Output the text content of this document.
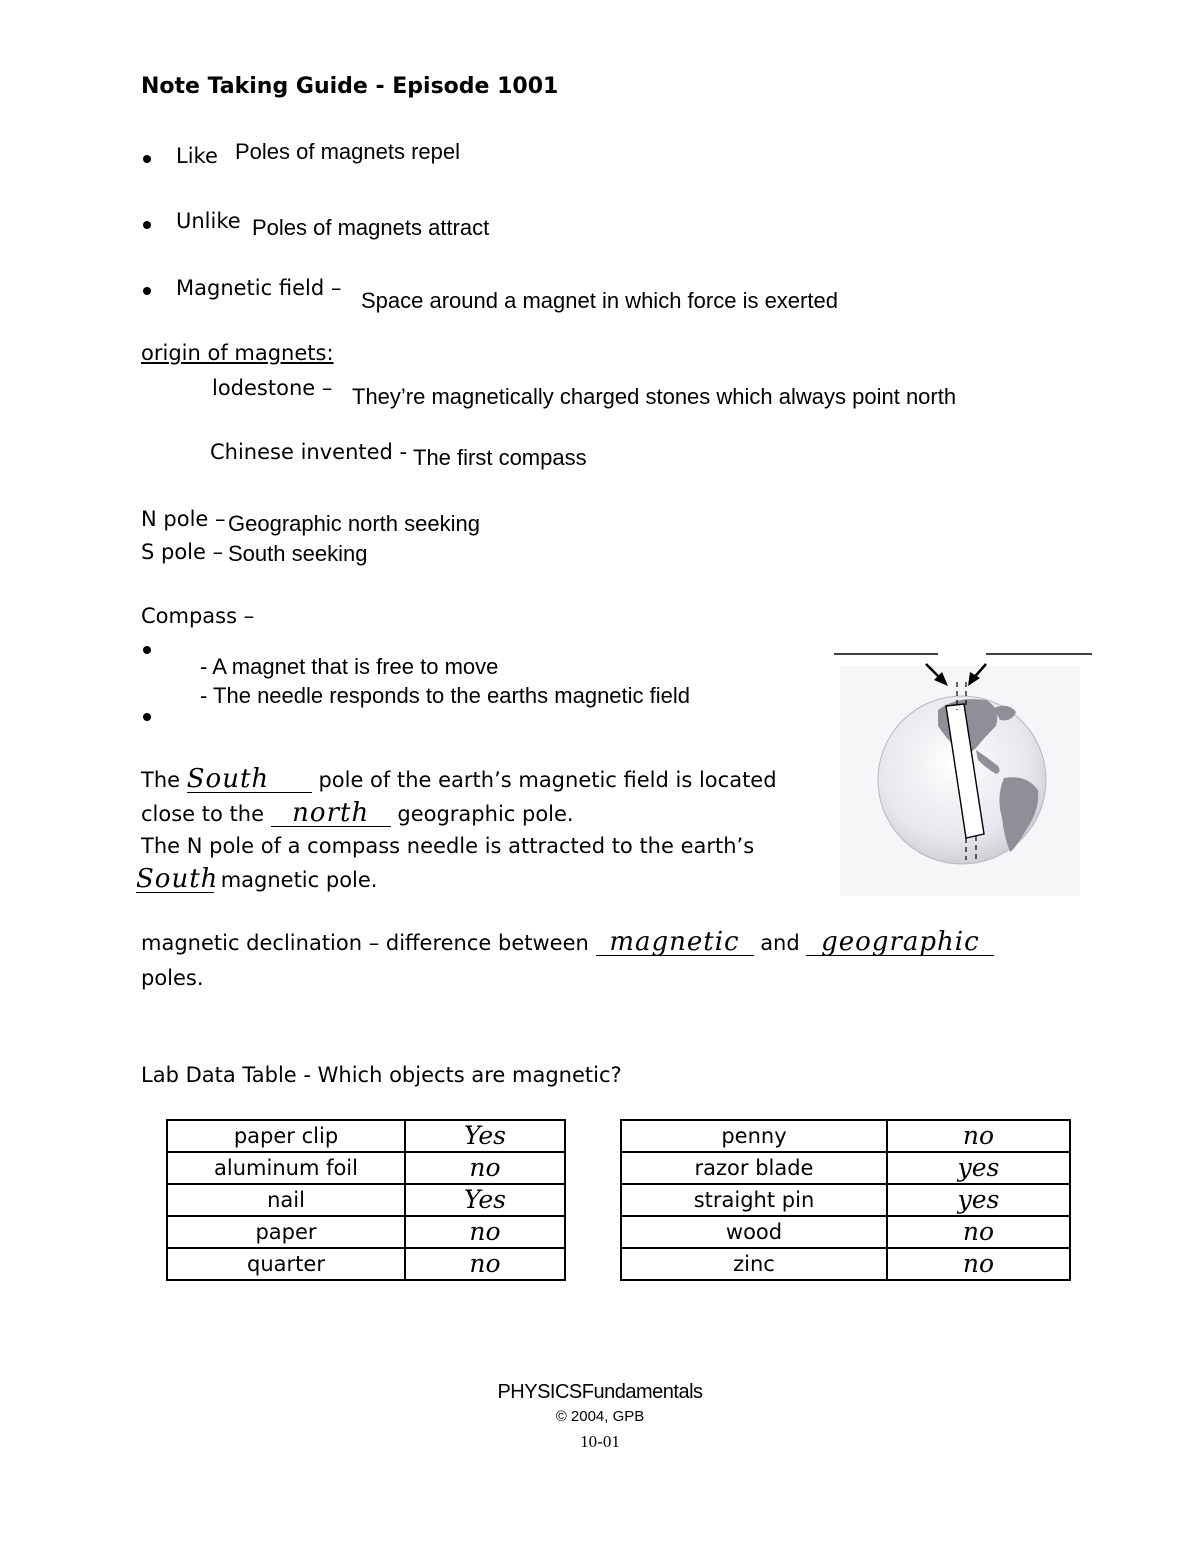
Note Taking Guide - Episode 1001
Like Poles of magnets repel
Unlike Poles of magnets attract
Magnetic field – Space around a magnet in which force is exerted
origin of magnets:
lodestone – They’re magnetically charged stones which always point north
Chinese invented - The first compass
N pole – Geographic north seeking
S pole – South seeking
Compass –
- A magnet that is free to move
- The needle responds to the earths magnetic field
The South pole of the earth’s magnetic field is located
close to the north geographic pole.
The N pole of a compass needle is attracted to the earth’s
South magnetic pole.
magnetic declination – difference between magnetic and geographic
poles.
Lab Data Table - Which objects are magnetic?
paper clip	Yes
aluminum foil	no
nail	Yes
paper	no
quarter	no
penny	no
razor blade	yes
straight pin	yes
wood	no
zinc	no
PHYSICSFundamentals
© 2004, GPB
10-01
